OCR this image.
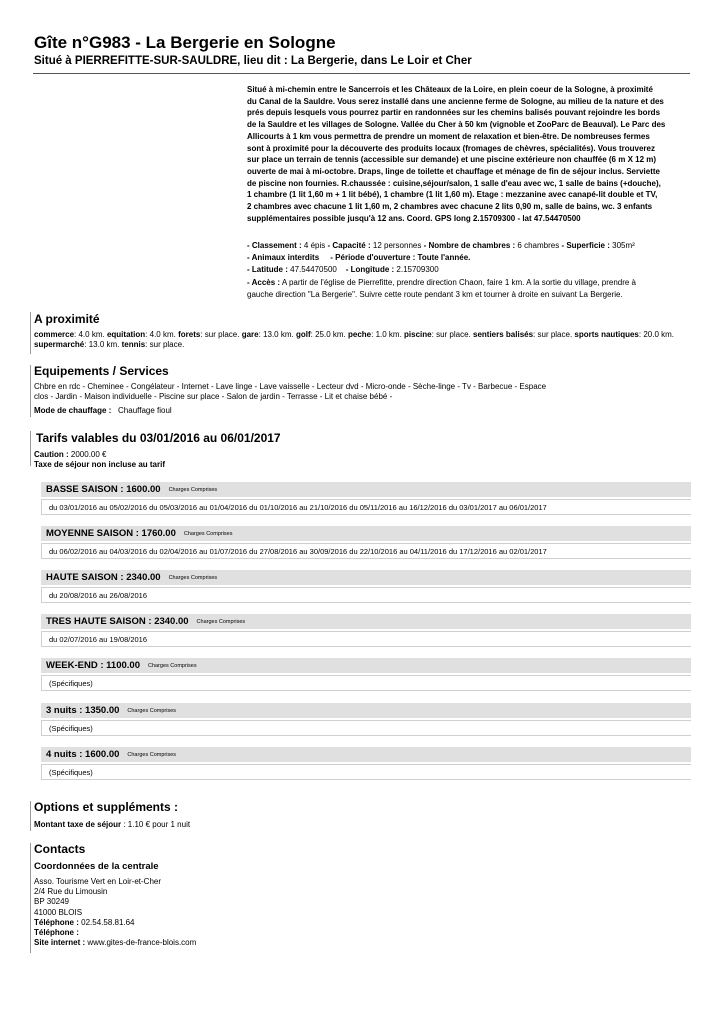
Gîte n°G983 - La Bergerie en Sologne
Situé à PIERREFITTE-SUR-SAULDRE, lieu dit : La Bergerie, dans Le Loir et Cher
Situé à mi-chemin entre le Sancerrois et les Châteaux de la Loire, en plein coeur de la Sologne, à proximité
du Canal de la Sauldre. Vous serez installé dans une ancienne ferme de Sologne, au milieu de la nature et des
prés depuis lesquels vous pourrez partir en randonnées sur les chemins balisés pouvant rejoindre les bords
de la Sauldre et les villages de Sologne. Vallée du Cher à 50 km (vignoble et ZooParc de Beauval). Le Parc des
Allicourts à 1 km vous permettra de prendre un moment de relaxation et bien-être. De nombreuses fermes
sont à proximité pour la découverte des produits locaux (fromages de chèvres, spécialités). Vous trouverez
sur place un terrain de tennis (accessible sur demande) et une piscine extérieure non chauffée (6 m X 12 m)
ouverte de mai à mi-octobre. Draps, linge de toilette et chauffage et ménage de fin de séjour inclus. Serviette
de piscine non fournies. R.chaussée : cuisine,séjour/salon, 1 salle d'eau avec wc, 1 salle de bains (+douche),
1 chambre (1 lit 1,60 m + 1 lit bébé), 1 chambre (1 lit 1,60 m). Etage : mezzanine avec canapé-lit double et TV,
2 chambres avec chacune 1 lit 1,60 m, 2 chambres avec chacune 2 lits 0,90 m, salle de bains, wc. 3 enfants
supplémentaires possible jusqu'à 12 ans. Coord. GPS long 2.15709300 - lat 47.54470500
- Classement : 4 épis - Capacité : 12 personnes - Nombre de chambres : 6 chambres - Superficie : 305m²
- Animaux interdits - Période d'ouverture : Toute l'année.
- Latitude : 47.54470500 - Longitude : 2.15709300
- Accès : A partir de l'église de Pierrefitte, prendre direction Chaon, faire 1 km. A la sortie du village, prendre à
gauche direction "La Bergerie". Suivre cette route pendant 3 km et tourner à droite en suivant La Bergerie.
A proximité
commerce: 4.0 km. equitation: 4.0 km. forets: sur place. gare: 13.0 km. golf: 25.0 km. peche: 1.0 km. piscine: sur place. sentiers balisés: sur place. sports nautiques: 20.0 km. supermarché: 13.0 km. tennis: sur place.
Equipements / Services
Chbre en rdc - Cheminee - Congélateur - Internet - Lave linge - Lave vaisselle - Lecteur dvd - Micro-onde - Sèche-linge - Tv - Barbecue - Espace
clos - Jardin - Maison individuelle - Piscine sur place - Salon de jardin - Terrasse - Lit et chaise bébé -
Mode de chauffage : Chauffage fioul
Tarifs valables du 03/01/2016 au 06/01/2017
Caution : 2000.00 €
Taxe de séjour non incluse au tarif
BASSE SAISON : 1600.00 Charges Comprises
du 03/01/2016 au 05/02/2016 du 05/03/2016 au 01/04/2016 du 01/10/2016 au 21/10/2016 du 05/11/2016 au 16/12/2016 du 03/01/2017 au 06/01/2017
MOYENNE SAISON : 1760.00 Charges Comprises
du 06/02/2016 au 04/03/2016 du 02/04/2016 au 01/07/2016 du 27/08/2016 au 30/09/2016 du 22/10/2016 au 04/11/2016 du 17/12/2016 au 02/01/2017
HAUTE SAISON : 2340.00 Charges Comprises
du 20/08/2016 au 26/08/2016
TRES HAUTE SAISON : 2340.00 Charges Comprises
du 02/07/2016 au 19/08/2016
WEEK-END : 1100.00 Charges Comprises
(Spécifiques)
3 nuits : 1350.00 Charges Comprises
(Spécifiques)
4 nuits : 1600.00 Charges Comprises
(Spécifiques)
Options et suppléments :
Montant taxe de séjour : 1.10 € pour 1 nuit
Contacts
Coordonnées de la centrale
Asso. Tourisme Vert en Loir-et-Cher
2/4 Rue du Limousin
BP 30249
41000 BLOIS
Téléphone : 02.54.58.81.64
Téléphone :
Site internet : www.gites-de-france-blois.com
